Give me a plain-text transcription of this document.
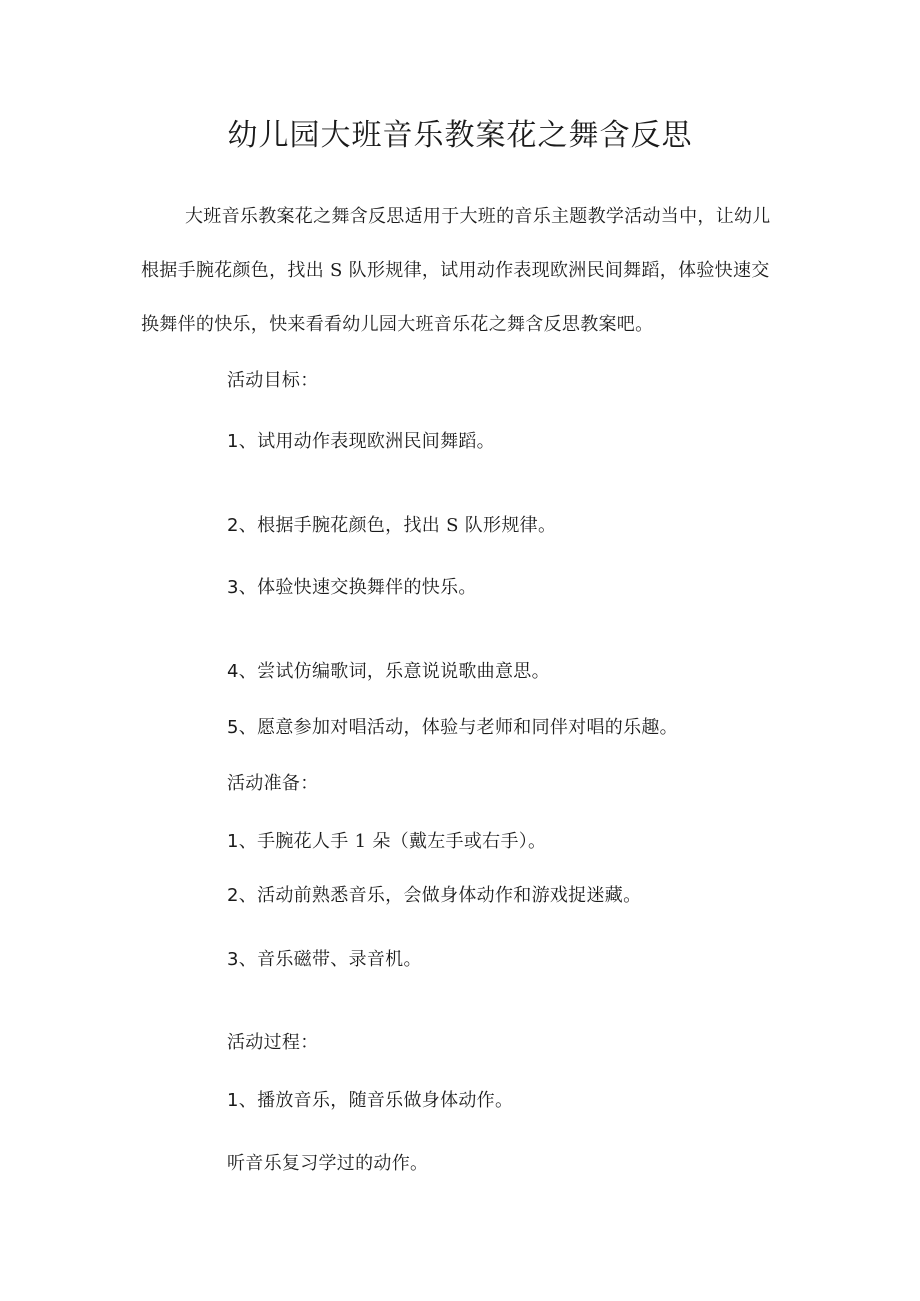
幼儿园大班音乐教案花之舞含反思

大班音乐教案花之舞含反思适用于大班的音乐主题教学活动当中，让幼儿根据手腕花颜色，找出 S 队形规律，试用动作表现欧洲民间舞蹈，体验快速交换舞伴的快乐，快来看看幼儿园大班音乐花之舞含反思教案吧。

活动目标：

1、试用动作表现欧洲民间舞蹈。

2、根据手腕花颜色，找出 S 队形规律。

3、体验快速交换舞伴的快乐。

4、尝试仿编歌词，乐意说说歌曲意思。

5、愿意参加对唱活动，体验与老师和同伴对唱的乐趣。

活动准备：

1、手腕花人手 1 朵（戴左手或右手）。

2、活动前熟悉音乐，会做身体动作和游戏捉迷藏。

3、音乐磁带、录音机。

活动过程：

1、播放音乐，随音乐做身体动作。

听音乐复习学过的动作。
